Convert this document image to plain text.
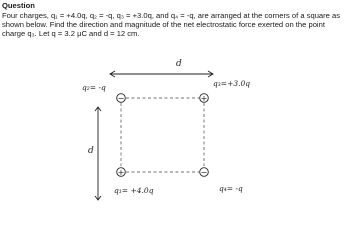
Question
Four charges, q₁ = +4.0q, q₂ = -q, q₃ = +3.0q, and q₄ = -q, are arranged at the corners of a square as shown below. Find the direction and magnitude of the net electrostatic force exerted on the point charge q₃. Let q = 3.2 μC and d = 12 cm.
−	+
+	−
q₂= -q	q₃=+3.0q
q₁= +4.0q	q₄= -q
d
d
